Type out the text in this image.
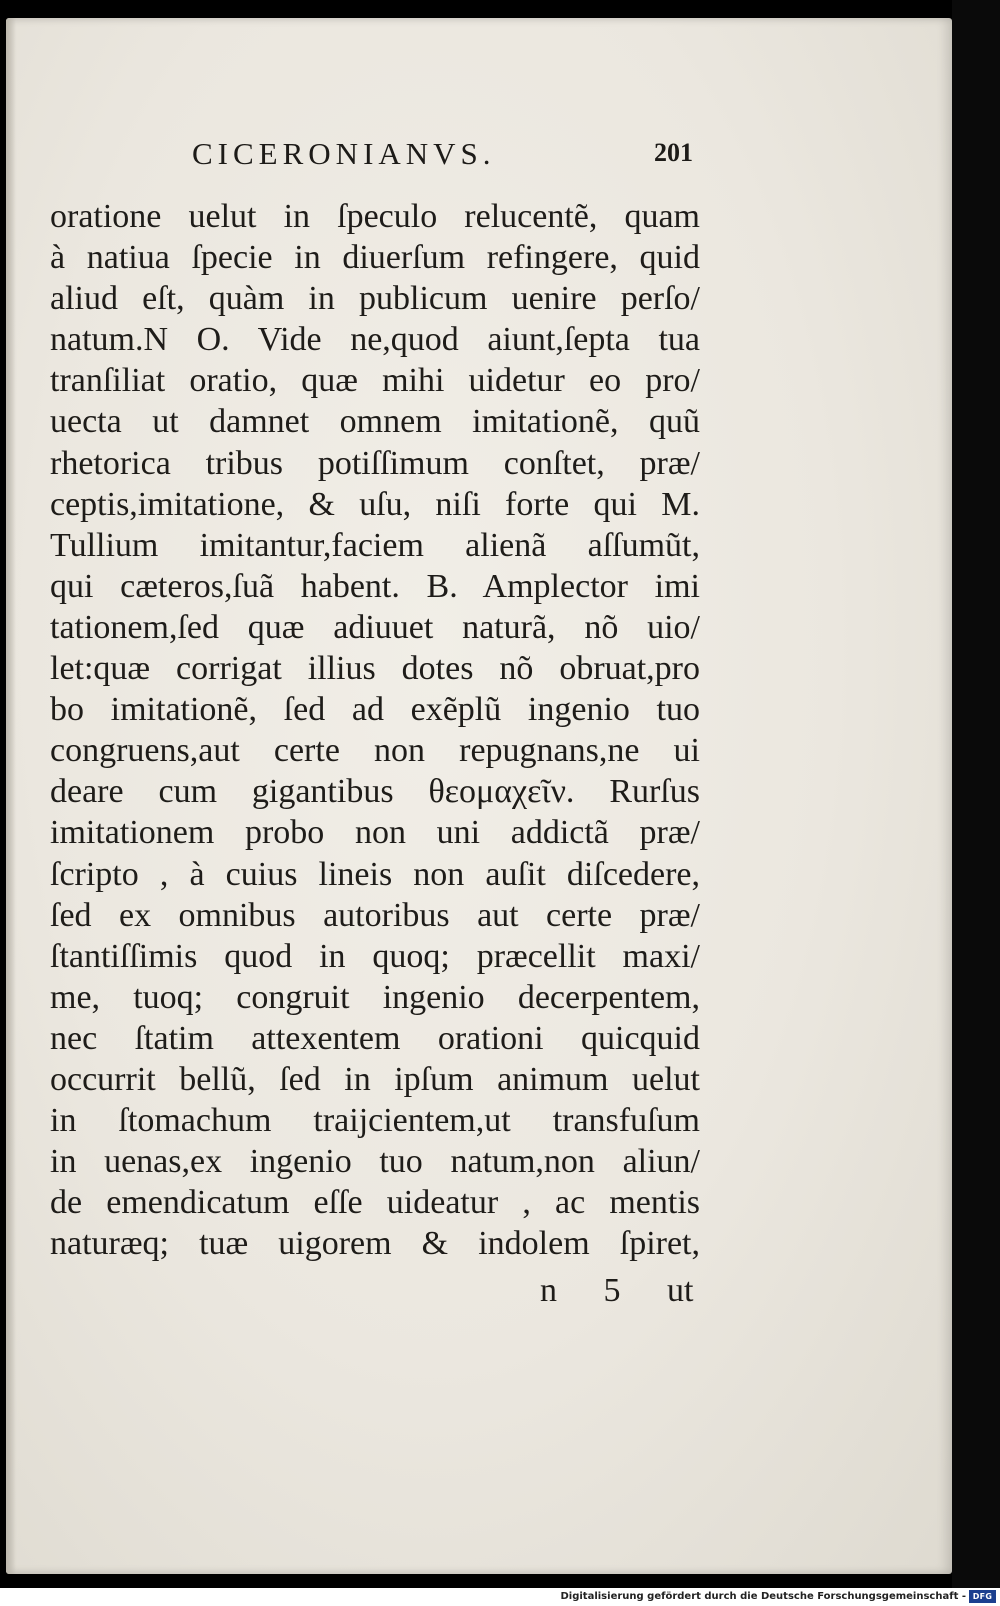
CICERONIANVS.	201
oratione uelut in ſpeculo relucentẽ, quam
à natiua ſpecie in diuerſum refingere, quid
aliud eſt, quàm in publicum uenire perſo/
natum.N O. Vide ne,quod aiunt,ſepta tua
tranſiliat oratio, quæ mihi uidetur eo pro/
uecta ut damnet omnem imitationẽ, quũ
rhetorica tribus potiſſimum conſtet, præ/
ceptis,imitatione, & uſu, niſi forte qui M.
Tullium imitantur,faciem alienã aſſumũt,
qui cæteros,ſuã habent. B. Amplector imi
tationem,ſed quæ adiuuet naturã, nõ uio/
let:quæ corrigat illius dotes nõ obruat,pro
bo imitationẽ, ſed ad exẽplũ ingenio tuo
congruens,aut certe non repugnans,ne ui
deare cum gigantibus θεομαχεῖν. Rurſus
imitationem probo non uni addictã præ/
ſcripto , à cuius lineis non auſit diſcedere,
ſed ex omnibus autoribus aut certe præ/
ſtantiſſimis quod in quoq; præcellit maxi/
me, tuoq; congruit ingenio decerpentem,
nec ſtatim attexentem orationi quicquid
occurrit bellũ, ſed in ipſum animum uelut
in ſtomachum traijcientem,ut transfuſum
in uenas,ex ingenio tuo natum,non aliun/
de emendicatum eſſe uideatur , ac mentis
naturæq; tuæ uigorem & indolem ſpiret,
n 5 ut
Digitalisierung gefördert durch die Deutsche Forschungsgemeinschaft - DFG
